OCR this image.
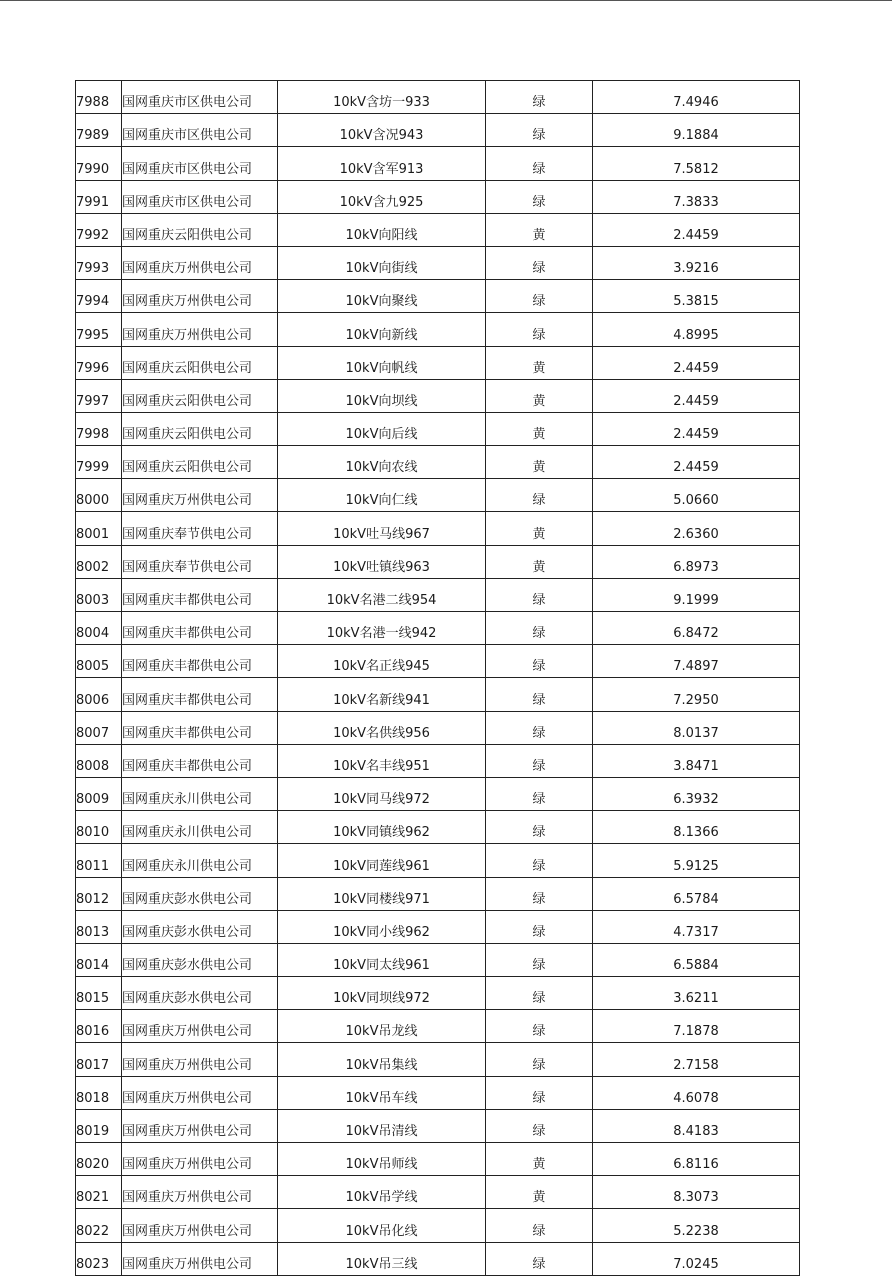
7988	国网重庆市区供电公司	10kV含坊一933	绿	7.4946
7989	国网重庆市区供电公司	10kV含况943	绿	9.1884
7990	国网重庆市区供电公司	10kV含军913	绿	7.5812
7991	国网重庆市区供电公司	10kV含九925	绿	7.3833
7992	国网重庆云阳供电公司	10kV向阳线	黄	2.4459
7993	国网重庆万州供电公司	10kV向街线	绿	3.9216
7994	国网重庆万州供电公司	10kV向聚线	绿	5.3815
7995	国网重庆万州供电公司	10kV向新线	绿	4.8995
7996	国网重庆云阳供电公司	10kV向帆线	黄	2.4459
7997	国网重庆云阳供电公司	10kV向坝线	黄	2.4459
7998	国网重庆云阳供电公司	10kV向后线	黄	2.4459
7999	国网重庆云阳供电公司	10kV向农线	黄	2.4459
8000	国网重庆万州供电公司	10kV向仁线	绿	5.0660
8001	国网重庆奉节供电公司	10kV吐马线967	黄	2.6360
8002	国网重庆奉节供电公司	10kV吐镇线963	黄	6.8973
8003	国网重庆丰都供电公司	10kV名港二线954	绿	9.1999
8004	国网重庆丰都供电公司	10kV名港一线942	绿	6.8472
8005	国网重庆丰都供电公司	10kV名正线945	绿	7.4897
8006	国网重庆丰都供电公司	10kV名新线941	绿	7.2950
8007	国网重庆丰都供电公司	10kV名供线956	绿	8.0137
8008	国网重庆丰都供电公司	10kV名丰线951	绿	3.8471
8009	国网重庆永川供电公司	10kV同马线972	绿	6.3932
8010	国网重庆永川供电公司	10kV同镇线962	绿	8.1366
8011	国网重庆永川供电公司	10kV同莲线961	绿	5.9125
8012	国网重庆彭水供电公司	10kV同楼线971	绿	6.5784
8013	国网重庆彭水供电公司	10kV同小线962	绿	4.7317
8014	国网重庆彭水供电公司	10kV同太线961	绿	6.5884
8015	国网重庆彭水供电公司	10kV同坝线972	绿	3.6211
8016	国网重庆万州供电公司	10kV吊龙线	绿	7.1878
8017	国网重庆万州供电公司	10kV吊集线	绿	2.7158
8018	国网重庆万州供电公司	10kV吊车线	绿	4.6078
8019	国网重庆万州供电公司	10kV吊清线	绿	8.4183
8020	国网重庆万州供电公司	10kV吊师线	黄	6.8116
8021	国网重庆万州供电公司	10kV吊学线	黄	8.3073
8022	国网重庆万州供电公司	10kV吊化线	绿	5.2238
8023	国网重庆万州供电公司	10kV吊三线	绿	7.0245
